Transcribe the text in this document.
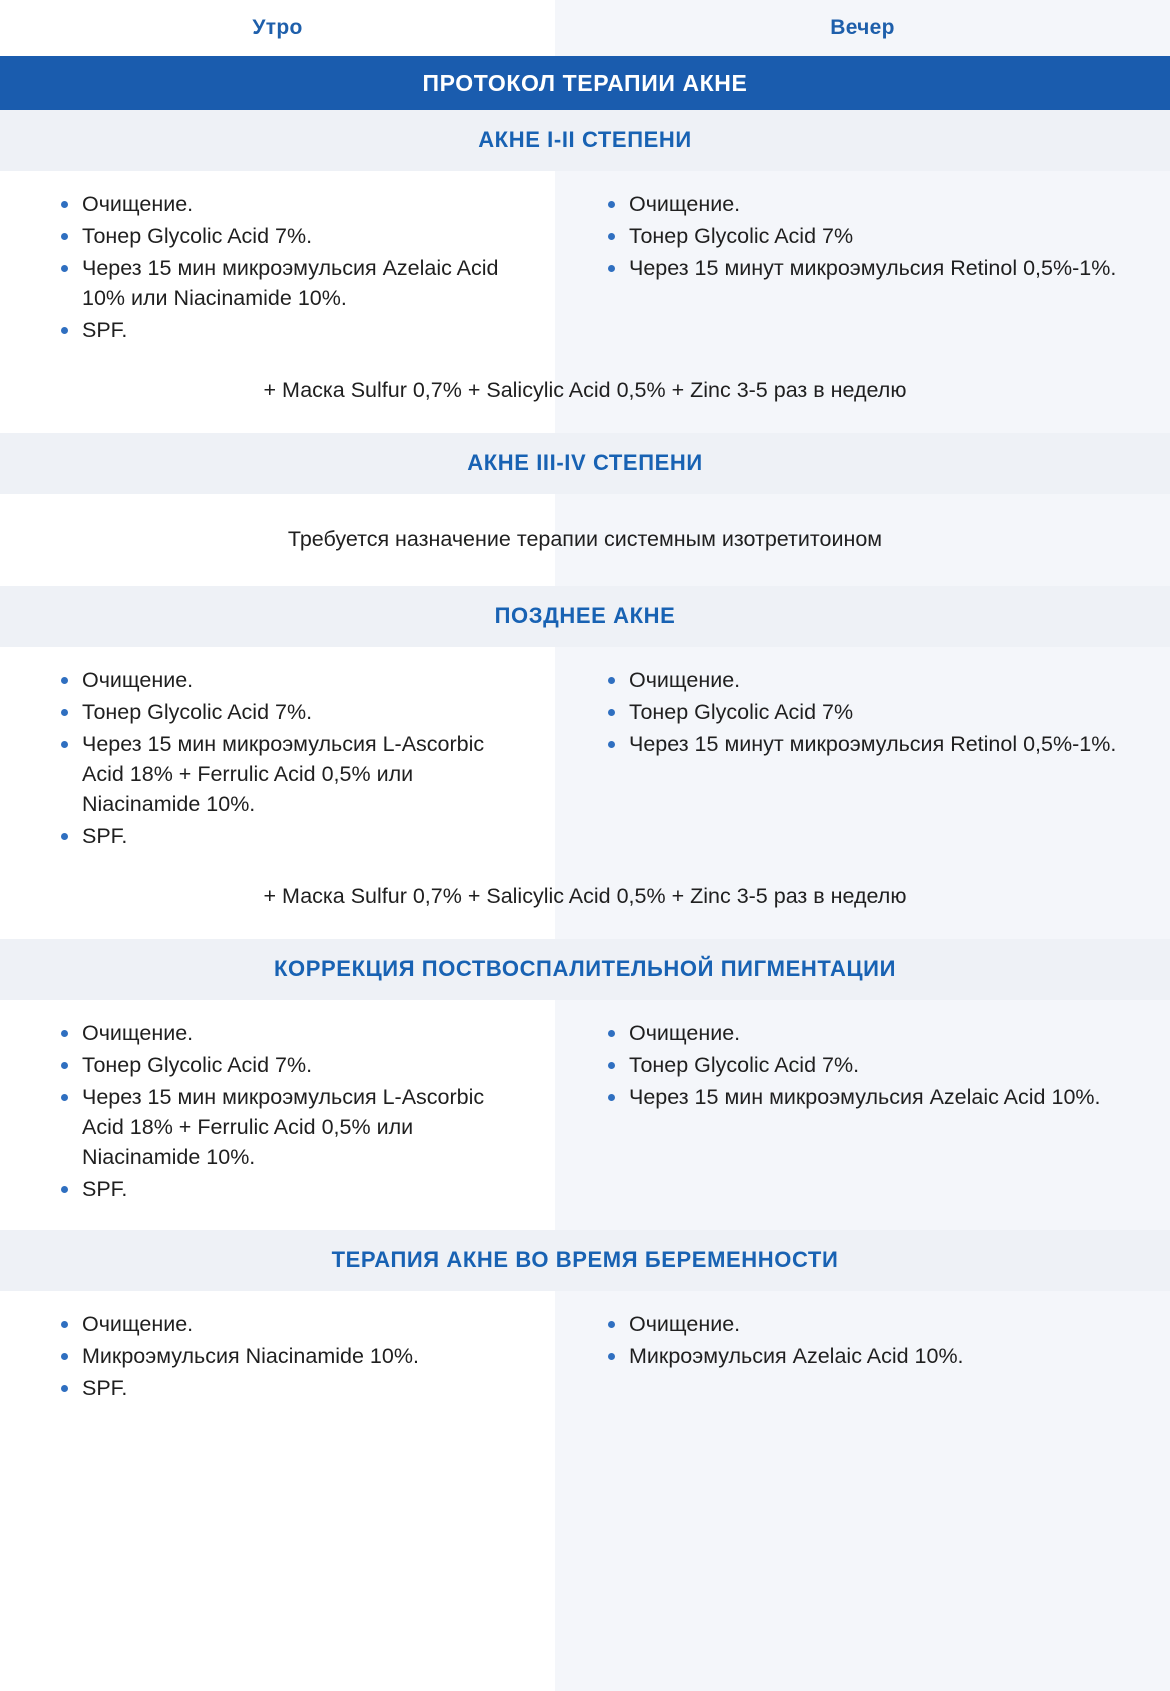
Утро	Вечер
ПРОТОКОЛ ТЕРАПИИ АКНЕ
АКНЕ I-II СТЕПЕНИ
Очищение.
Тонер Glycolic Acid 7%.
Через 15 мин микроэмульсия Azelaic Acid 10% или Niacinamide 10%.
SPF.
Очищение.
Тонер Glycolic Acid 7%
Через 15 минут микроэмульсия Retinol 0,5%-1%.
+ Маска Sulfur 0,7% + Salicylic Acid 0,5% + Zinc 3-5 раз в неделю
АКНЕ III-IV СТЕПЕНИ
Требуется назначение терапии системным изотретитоином
ПОЗДНЕЕ АКНЕ
Очищение.
Тонер Glycolic Acid 7%.
Через 15 мин микроэмульсия L-Ascorbic Acid 18% + Ferrulic Acid 0,5% или Niacinamide 10%.
SPF.
Очищение.
Тонер Glycolic Acid 7%
Через 15 минут микроэмульсия Retinol 0,5%-1%.
+ Маска Sulfur 0,7% + Salicylic Acid 0,5% + Zinc 3-5 раз в неделю
КОРРЕКЦИЯ ПОСТВОСПАЛИТЕЛЬНОЙ ПИГМЕНТАЦИИ
Очищение.
Тонер Glycolic Acid 7%.
Через 15 мин микроэмульсия L-Ascorbic Acid 18% + Ferrulic Acid 0,5% или Niacinamide 10%.
SPF.
Очищение.
Тонер Glycolic Acid 7%.
Через 15 мин микроэмульсия Azelaic Acid 10%.
ТЕРАПИЯ АКНЕ ВО ВРЕМЯ БЕРЕМЕННОСТИ
Очищение.
Микроэмульсия Niacinamide 10%.
SPF.
Очищение.
Микроэмульсия Azelaic Acid 10%.
